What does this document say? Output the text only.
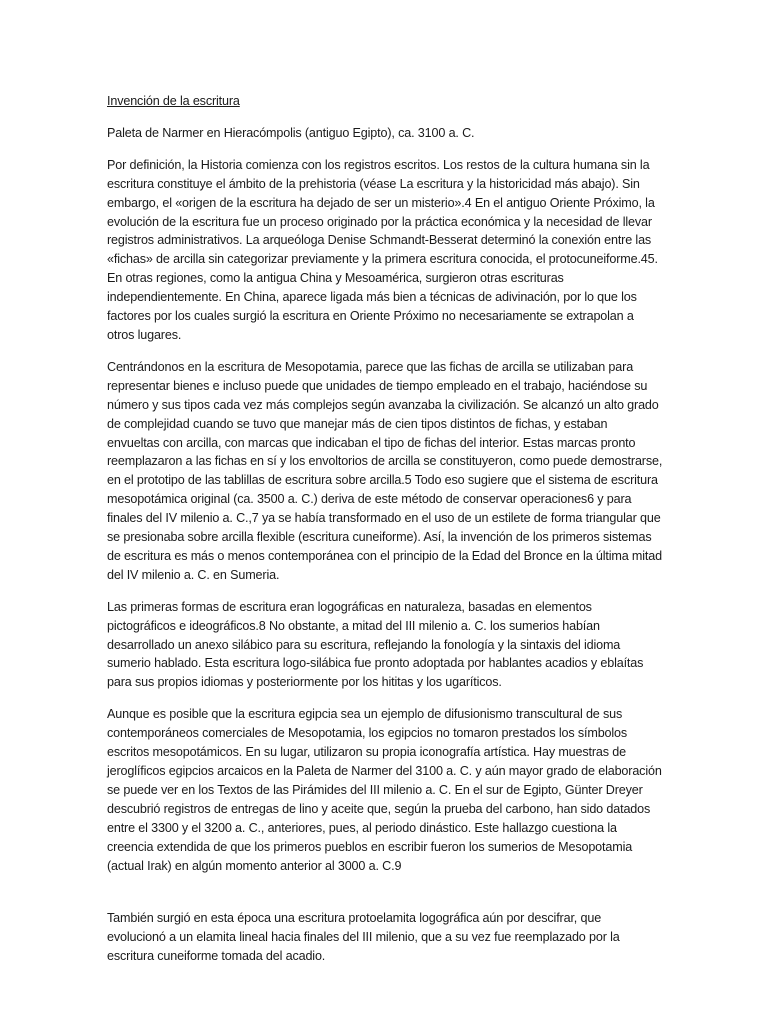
Invención de la escritura

Paleta de Narmer en Hieracómpolis (antiguo Egipto), ca. 3100 a. C.

Por definición, la Historia comienza con los registros escritos. Los restos de la cultura humana sin la escritura constituye el ámbito de la prehistoria (véase La escritura y la historicidad más abajo). Sin embargo, el «origen de la escritura ha dejado de ser un misterio».4 En el antiguo Oriente Próximo, la evolución de la escritura fue un proceso originado por la práctica económica y la necesidad de llevar registros administrativos. La arqueóloga Denise Schmandt-Besserat determinó la conexión entre las «fichas» de arcilla sin categorizar previamente y la primera escritura conocida, el protocuneiforme.45. En otras regiones, como la antigua China y Mesoamérica, surgieron otras escrituras independientemente. En China, aparece ligada más bien a técnicas de adivinación, por lo que los factores por los cuales surgió la escritura en Oriente Próximo no necesariamente se extrapolan a otros lugares.

Centrándonos en la escritura de Mesopotamia, parece que las fichas de arcilla se utilizaban para representar bienes e incluso puede que unidades de tiempo empleado en el trabajo, haciéndose su número y sus tipos cada vez más complejos según avanzaba la civilización. Se alcanzó un alto grado de complejidad cuando se tuvo que manejar más de cien tipos distintos de fichas, y estaban envueltas con arcilla, con marcas que indicaban el tipo de fichas del interior. Estas marcas pronto reemplazaron a las fichas en sí y los envoltorios de arcilla se constituyeron, como puede demostrarse, en el prototipo de las tablillas de escritura sobre arcilla.5 Todo eso sugiere que el sistema de escritura mesopotámica original (ca. 3500 a. C.) deriva de este método de conservar operaciones6 y para finales del IV milenio a. C.,7 ya se había transformado en el uso de un estilete de forma triangular que se presionaba sobre arcilla flexible (escritura cuneiforme). Así, la invención de los primeros sistemas de escritura es más o menos contemporánea con el principio de la Edad del Bronce en la última mitad del IV milenio a. C. en Sumeria.

Las primeras formas de escritura eran logográficas en naturaleza, basadas en elementos pictográficos e ideográficos.8 No obstante, a mitad del III milenio a. C. los sumerios habían desarrollado un anexo silábico para su escritura, reflejando la fonología y la sintaxis del idioma sumerio hablado. Esta escritura logo-silábica fue pronto adoptada por hablantes acadios y eblaítas para sus propios idiomas y posteriormente por los hititas y los ugaríticos.

Aunque es posible que la escritura egipcia sea un ejemplo de difusionismo transcultural de sus contemporáneos comerciales de Mesopotamia, los egipcios no tomaron prestados los símbolos escritos mesopotámicos. En su lugar, utilizaron su propia iconografía artística. Hay muestras de jeroglíficos egipcios arcaicos en la Paleta de Narmer del 3100 a. C. y aún mayor grado de elaboración se puede ver en los Textos de las Pirámides del III milenio a. C. En el sur de Egipto, Günter Dreyer descubrió registros de entregas de lino y aceite que, según la prueba del carbono, han sido datados entre el 3300 y el 3200 a. C., anteriores, pues, al periodo dinástico. Este hallazgo cuestiona la creencia extendida de que los primeros pueblos en escribir fueron los sumerios de Mesopotamia (actual Irak) en algún momento anterior al 3000 a. C.9

También surgió en esta época una escritura protoelamita logográfica aún por descifrar, que evolucionó a un elamita lineal hacia finales del III milenio, que a su vez fue reemplazado por la escritura cuneiforme tomada del acadio.
